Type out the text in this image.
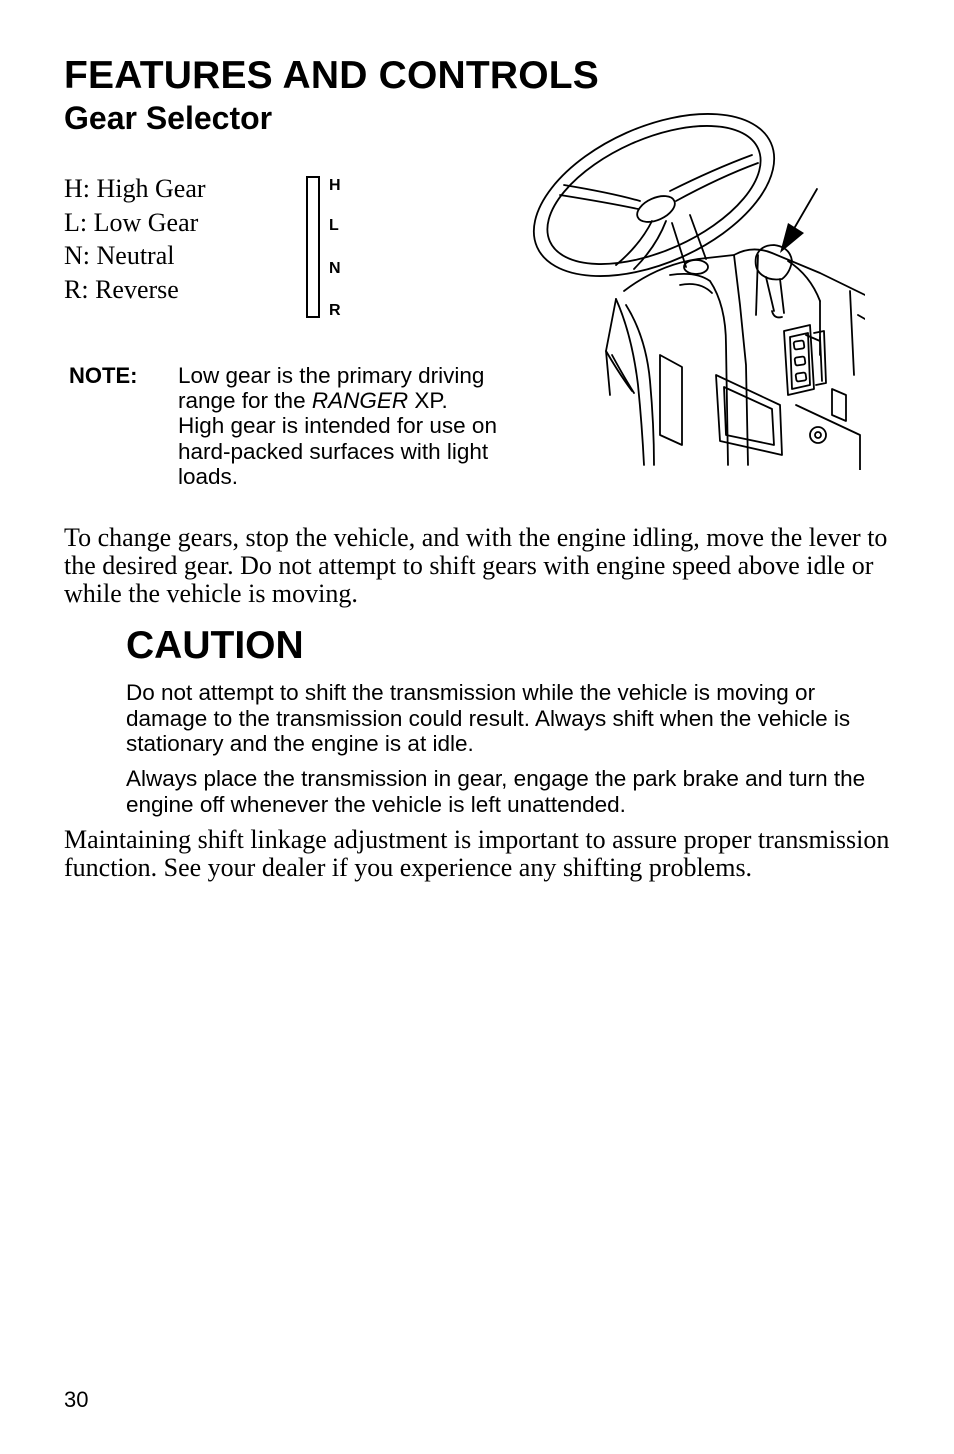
FEATURES AND CONTROLS
Gear Selector
H: High Gear
L: Low Gear
N: Neutral
R: Reverse
H
L
N
R
NOTE: Low gear is the primary driving range for the RANGER XP. High gear is intended for use on hard-packed surfaces with light loads.

To change gears, stop the vehicle, and with the engine idling, move the lever to the desired gear. Do not attempt to shift gears with engine speed above idle or while the vehicle is moving.

CAUTION

Do not attempt to shift the transmission while the vehicle is moving or damage to the transmission could result. Always shift when the vehicle is stationary and the engine is at idle.

Always place the transmission in gear, engage the park brake and turn the engine off whenever the vehicle is left unattended.

Maintaining shift linkage adjustment is important to assure proper transmission function. See your dealer if you experience any shifting problems.

30
